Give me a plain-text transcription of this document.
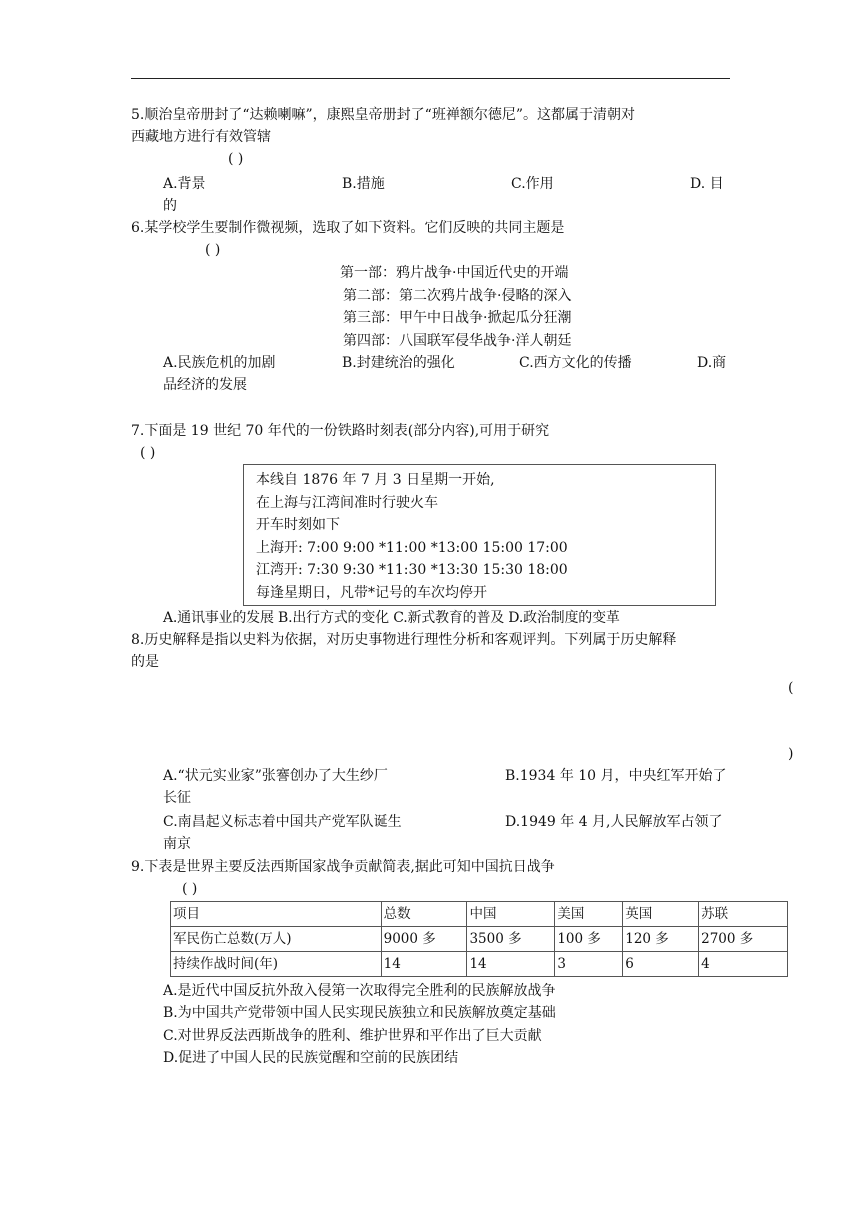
5.顺治皇帝册封了“达赖喇嘛”，康熙皇帝册封了“班禅额尔德尼”。这都属于清朝对
西藏地方进行有效管辖
( )
A.背景	B.措施	C.作用	D. 目
的
6.某学校学生要制作微视频，选取了如下资料。它们反映的共同主题是
( )
第一部：鸦片战争·中国近代史的开端
第二部：第二次鸦片战争·侵略的深入
第三部：甲午中日战争·掀起瓜分狂潮
第四部：八国联军侵华战争·洋人朝廷
A.民族危机的加剧	B.封建统治的强化	C.西方文化的传播	D.商
品经济的发展
7.下面是 19 世纪 70 年代的一份铁路时刻表(部分内容),可用于研究
( )
本线自 1876 年 7 月 3 日星期一开始,
在上海与江湾间准时行驶火车
开车时刻如下
上海开: 7:00 9:00 *11:00 *13:00 15:00 17:00
江湾开: 7:30 9:30 *11:30 *13:30 15:30 18:00
每逢星期日，凡带*记号的车次均停开
A.通讯事业的发展 B.出行方式的变化 C.新式教育的普及 D.政治制度的变革
8.历史解释是指以史料为依据，对历史事物进行理性分析和客观评判。下列属于历史解释
的是
(
)
A.“状元实业家”张謇创办了大生纱厂	B.1934 年 10 月，中央红军开始了
长征
C.南昌起义标志着中国共产党军队诞生	D.1949 年 4 月,人民解放军占领了
南京
9.下表是世界主要反法西斯国家战争贡献简表,据此可知中国抗日战争
( )
项目	总数	中国	美国	英国	苏联
军民伤亡总数(万人)	9000 多	3500 多	100 多	120 多	2700 多
持续作战时间(年)	14	14	3	6	4
A.是近代中国反抗外敌入侵第一次取得完全胜利的民族解放战争
B.为中国共产党带领中国人民实现民族独立和民族解放奠定基础
C.对世界反法西斯战争的胜利、维护世界和平作出了巨大贡献
D.促进了中国人民的民族觉醒和空前的民族团结
